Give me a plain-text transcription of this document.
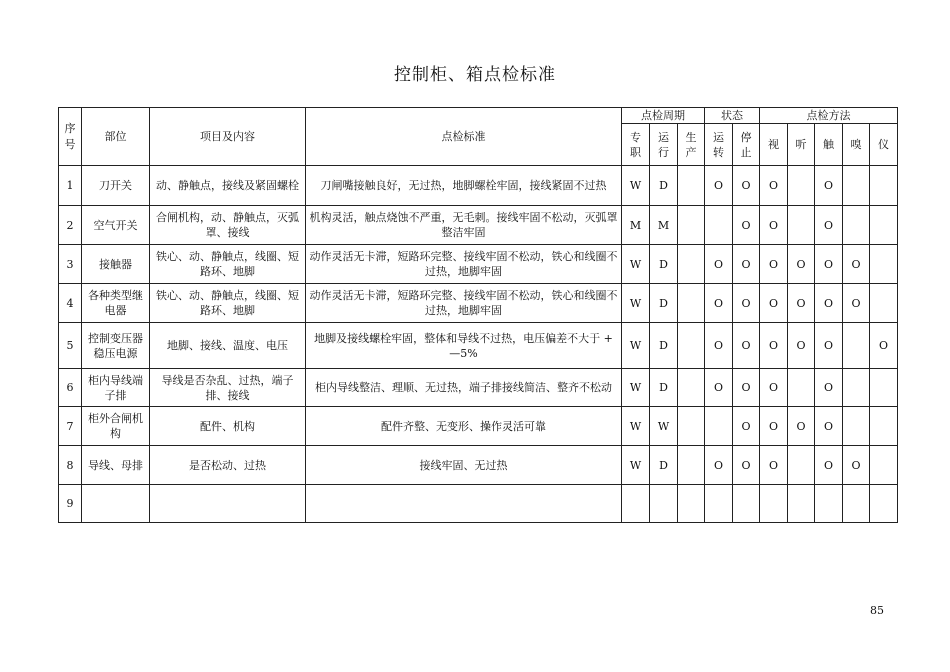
控制柜、箱点检标准
序号	部位	项目及内容	点检标准	点检周期			状态		点检方法				
				专职	运行	生产	运转	停止	视	听	触	嗅	仪
1	刀开关	动、静触点，接线及紧固螺栓	刀闸嘴接触良好，无过热，地脚螺栓牢固，接线紧固不过热	W	D		O	O	O		O		
2	空气开关	合闸机构，动、静触点，灭弧罩、接线	机构灵活，触点烧蚀不严重，无毛刺。接线牢固不松动，灭弧罩整洁牢固	M	M			O	O		O		
3	接触器	铁心、动、静触点，线圈、短路环、地脚	动作灵活无卡滞，短路环完整、接线牢固不松动，铁心和线圈不过热，地脚牢固	W	D		O	O	O	O	O	O	
4	各种类型继电器	铁心、动、静触点，线圈、短路环、地脚	动作灵活无卡滞，短路环完整、接线牢固不松动，铁心和线圈不过热，地脚牢固	W	D		O	O	O	O	O	O	
5	控制变压器稳压电源	地脚、接线、温度、电压	地脚及接线螺栓牢固，整体和导线不过热，电压偏差不大于 + —5%	W	D		O	O	O	O	O		O
6	柜内导线端子排	导线是否杂乱、过热，端子排、接线	柜内导线整洁、理顺、无过热，端子排接线简洁、整齐不松动	W	D		O	O	O		O		
7	柜外合闸机构	配件、机构	配件齐整、无变形、操作灵活可靠	W	W			O	O	O	O		
8	导线、母排	是否松动、过热	接线牢固、无过热	W	D		O	O	O		O	O	
9													
85
